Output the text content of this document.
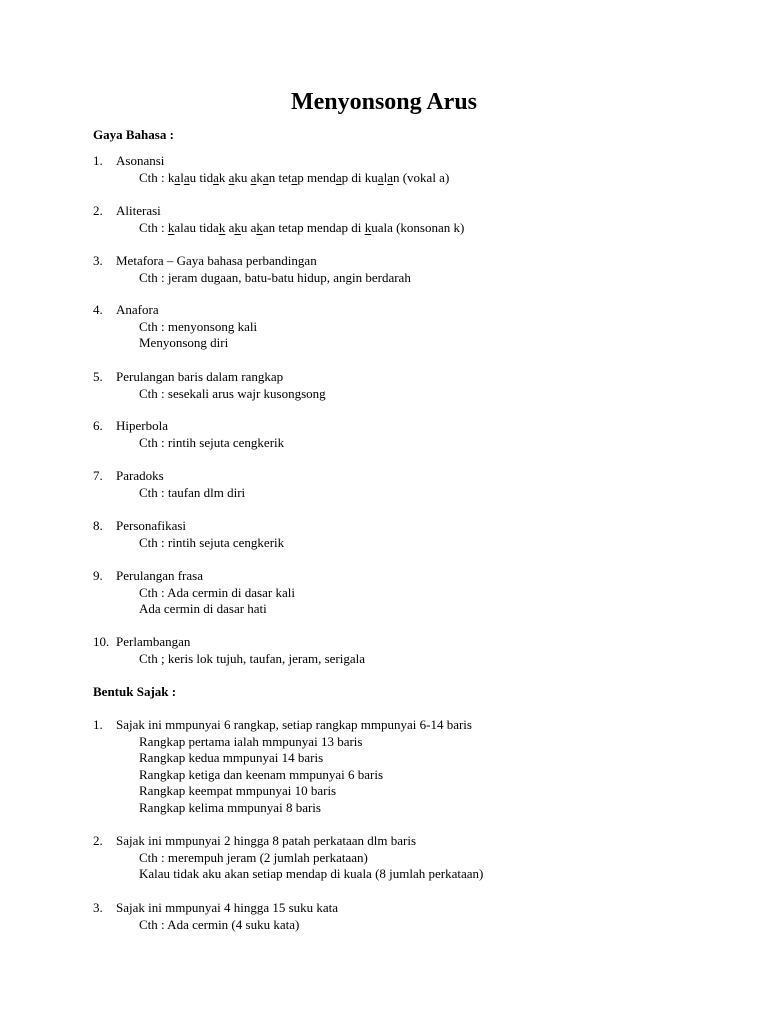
Menyonsong Arus
Gaya Bahasa :
1. Asonansi
Cth : kalau tidak aku akan tetap mendap di kualan (vokal a)
2. Aliterasi
Cth : kalau tidak aku akan tetap mendap di kuala (konsonan k)
3. Metafora – Gaya bahasa perbandingan
Cth : jeram dugaan, batu-batu hidup, angin berdarah
4. Anafora
Cth : menyonsong kali
Menyonsong diri
5. Perulangan baris dalam rangkap
Cth : sesekali arus wajr kusongsong
6. Hiperbola
Cth : rintih sejuta cengkerik
7. Paradoks
Cth : taufan dlm diri
8. Personafikasi
Cth : rintih sejuta cengkerik
9. Perulangan frasa
Cth : Ada cermin di dasar kali
Ada cermin di dasar hati
10. Perlambangan
Cth ; keris lok tujuh, taufan, jeram, serigala
Bentuk Sajak :
1. Sajak ini mmpunyai 6 rangkap, setiap rangkap mmpunyai 6-14 baris
Rangkap pertama ialah mmpunyai 13 baris
Rangkap kedua mmpunyai 14 baris
Rangkap ketiga dan keenam mmpunyai 6 baris
Rangkap keempat mmpunyai 10 baris
Rangkap kelima mmpunyai 8 baris
2. Sajak ini mmpunyai 2 hingga 8 patah perkataan dlm baris
Cth : merempuh jeram (2 jumlah perkataan)
Kalau tidak aku akan setiap mendap di kuala (8 jumlah perkataan)
3. Sajak ini mmpunyai 4 hingga 15 suku kata
Cth : Ada cermin (4 suku kata)
